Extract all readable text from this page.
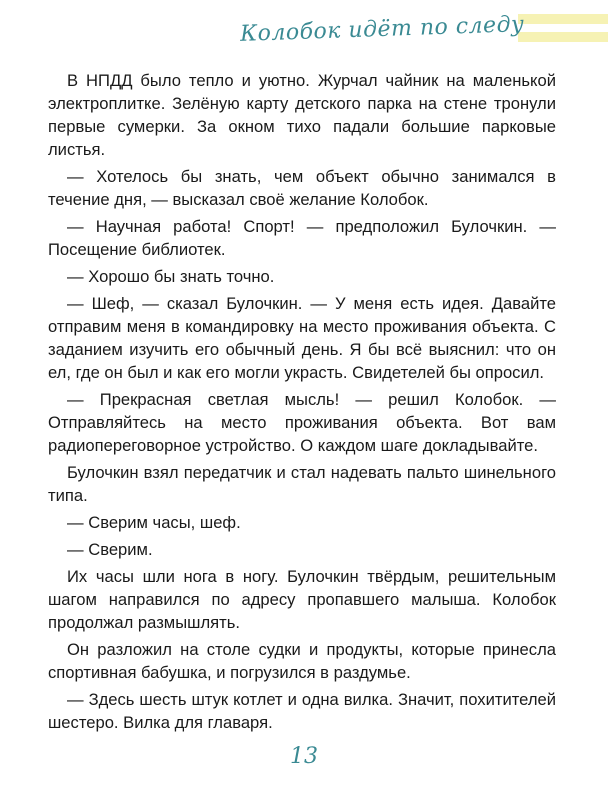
Колобок идёт по следу

В НПДД было тепло и уютно. Журчал чайник на маленькой электроплитке. Зелёную карту детского парка на стене тронули первые сумерки. За окном тихо падали большие парковые листья.

— Хотелось бы знать, чем объект обычно занимался в течение дня, — высказал своё желание Колобок.

— Научная работа! Спорт! — предположил Булочкин. — Посещение библиотек.

— Хорошо бы знать точно.

— Шеф, — сказал Булочкин. — У меня есть идея. Давайте отправим меня в командировку на место проживания объекта. С заданием изучить его обычный день. Я бы всё выяснил: что он ел, где он был и как его могли украсть. Свидетелей бы опросил.

— Прекрасная светлая мысль! — решил Колобок. — Отправляйтесь на место проживания объекта. Вот вам радиопереговорное устройство. О каждом шаге докладывайте.

Булочкин взял передатчик и стал надевать пальто шинельного типа.

— Сверим часы, шеф.

— Сверим.

Их часы шли нога в ногу. Булочкин твёрдым, решительным шагом направился по адресу пропавшего малыша. Колобок продолжал размышлять.

Он разложил на столе судки и продукты, которые принесла спортивная бабушка, и погрузился в раздумье.

— Здесь шесть штук котлет и одна вилка. Значит, похитителей шестеро. Вилка для главаря.

13
